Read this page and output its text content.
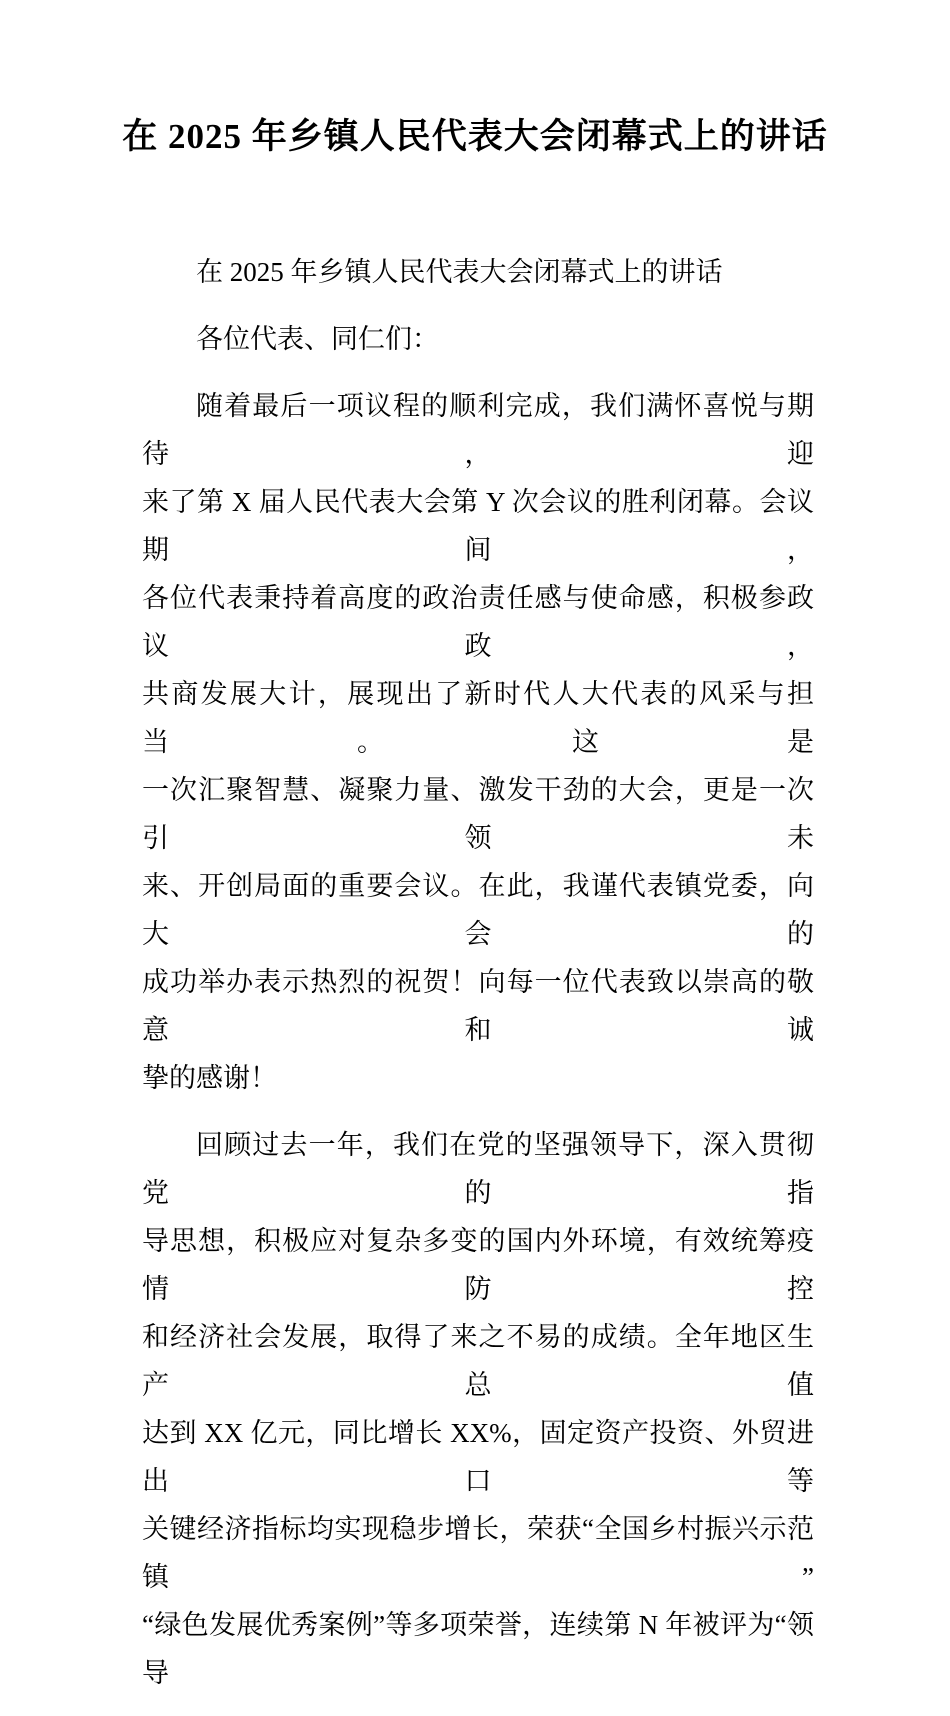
在 2025 年乡镇人民代表大会闭幕式上的讲话
在 2025 年乡镇人民代表大会闭幕式上的讲话
各位代表、同仁们：
随着最后一项议程的顺利完成，我们满怀喜悦与期待，迎
来了第 X 届人民代表大会第 Y 次会议的胜利闭幕。会议期间，
各位代表秉持着高度的政治责任感与使命感，积极参政议政，
共商发展大计，展现出了新时代人大代表的风采与担当。这是
一次汇聚智慧、凝聚力量、激发干劲的大会，更是一次引领未
来、开创局面的重要会议。在此，我谨代表镇党委，向大会的
成功举办表示热烈的祝贺！向每一位代表致以崇高的敬意和诚
挚的感谢！
回顾过去一年，我们在党的坚强领导下，深入贯彻党的指
导思想，积极应对复杂多变的国内外环境，有效统筹疫情防控
和经济社会发展，取得了来之不易的成绩。全年地区生产总值
达到 XX 亿元，同比增长 XX%，固定资产投资、外贸进出口等
关键经济指标均实现稳步增长，荣获“全国乡村振兴示范镇”
“绿色发展优秀案例”等多项荣誉，连续第 N 年被评为“领导
